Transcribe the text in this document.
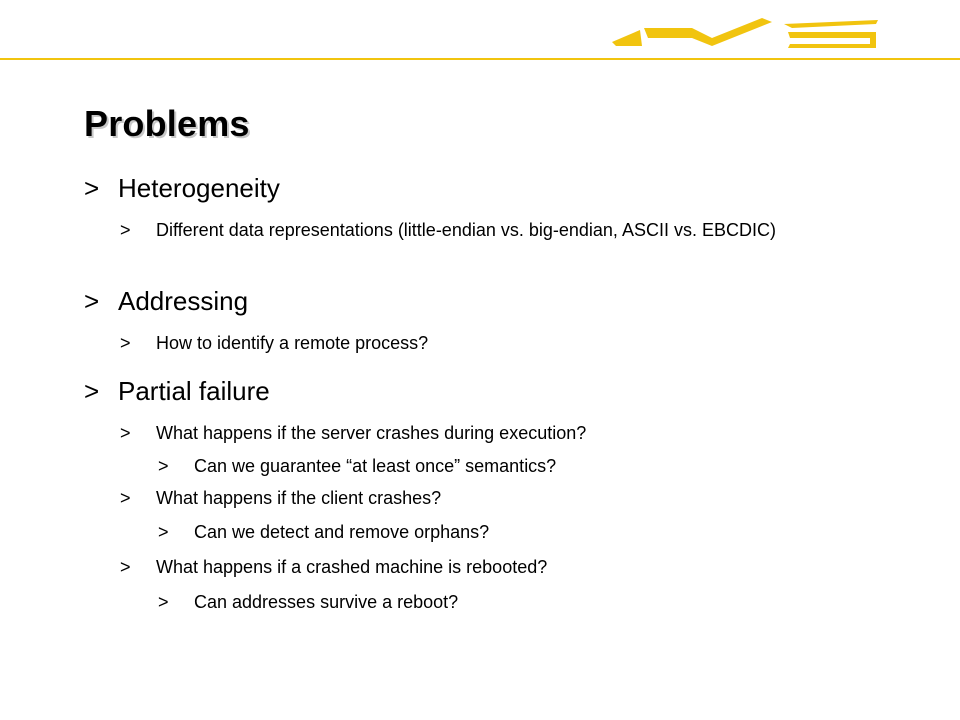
Problems
> Heterogeneity
>	Different data representations (little-endian vs. big-endian, ASCII vs. EBCDIC)
> Addressing
>	How to identify a remote process?
> Partial failure
>	What happens if the server crashes during execution?
>	Can we guarantee “at least once” semantics?
>	What happens if the client crashes?
>	Can we detect and remove orphans?
>	What happens if a crashed machine is rebooted?
>	Can addresses survive a reboot?
